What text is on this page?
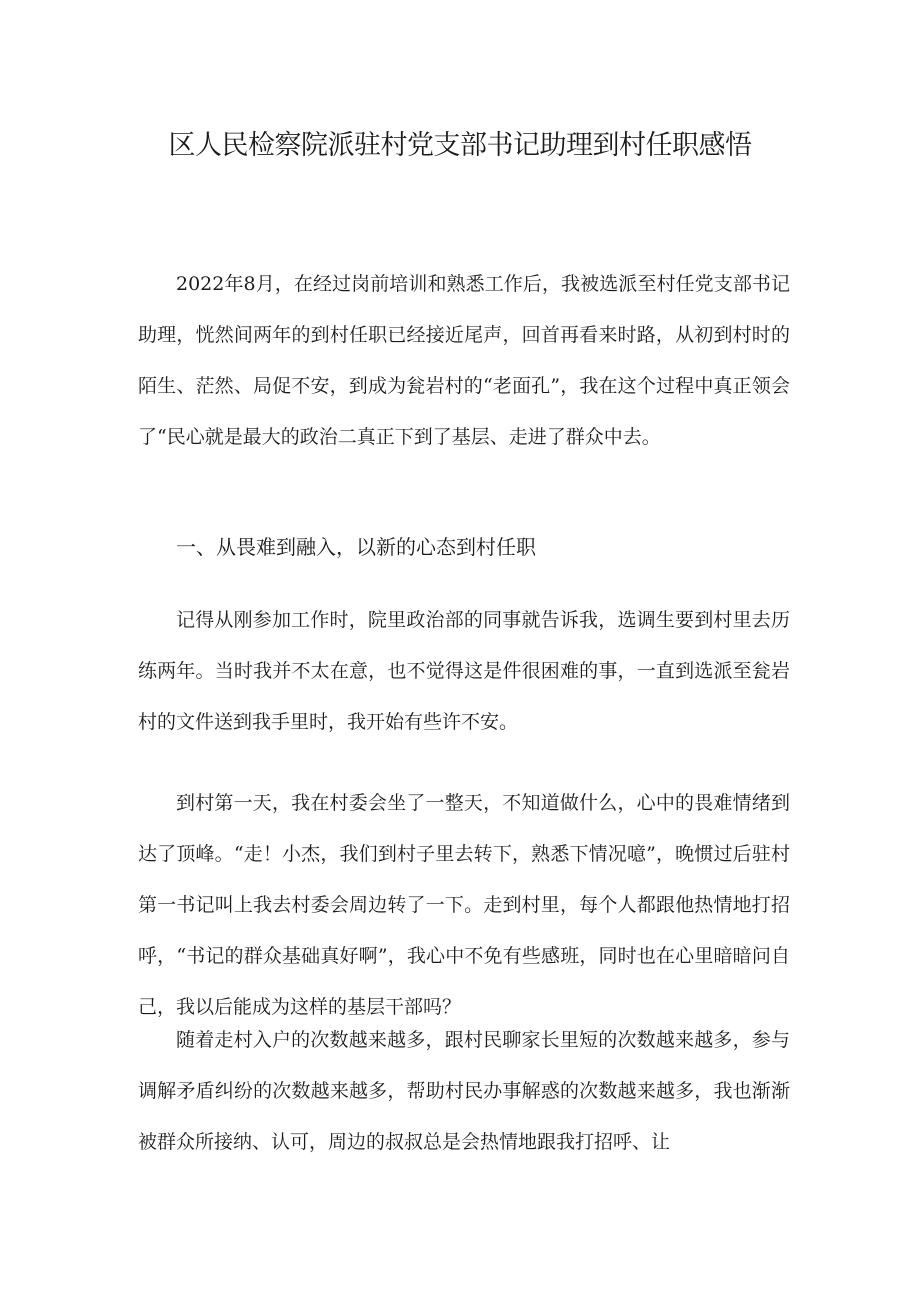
区人民检察院派驻村党支部书记助理到村任职感悟

2022年8月，在经过岗前培训和熟悉工作后，我被选派至村任党支部书记助理，恍然间两年的到村任职已经接近尾声，回首再看来时路，从初到村时的陌生、茫然、局促不安，到成为瓮岩村的“老面孔”，我在这个过程中真正领会了“民心就是最大的政治二真正下到了基层、走进了群众中去。

一、从畏难到融入，以新的心态到村任职

记得从刚参加工作时，院里政治部的同事就告诉我，选调生要到村里去历练两年。当时我并不太在意，也不觉得这是件很困难的事，一直到选派至瓮岩村的文件送到我手里时，我开始有些许不安。

到村第一天，我在村委会坐了一整天，不知道做什么，心中的畏难情绪到达了顶峰。“走！小杰，我们到村子里去转下，熟悉下情况噫”，晚惯过后驻村第一书记叫上我去村委会周边转了一下。走到村里，每个人都跟他热情地打招呼，“书记的群众基础真好啊”，我心中不免有些感班，同时也在心里暗暗问自己，我以后能成为这样的基层干部吗？

随着走村入户的次数越来越多，跟村民聊家长里短的次数越来越多，参与调解矛盾纠纷的次数越来越多，帮助村民办事解惑的次数越来越多，我也渐渐被群众所接纳、认可，周边的叔叔总是会热情地跟我打招呼、让
